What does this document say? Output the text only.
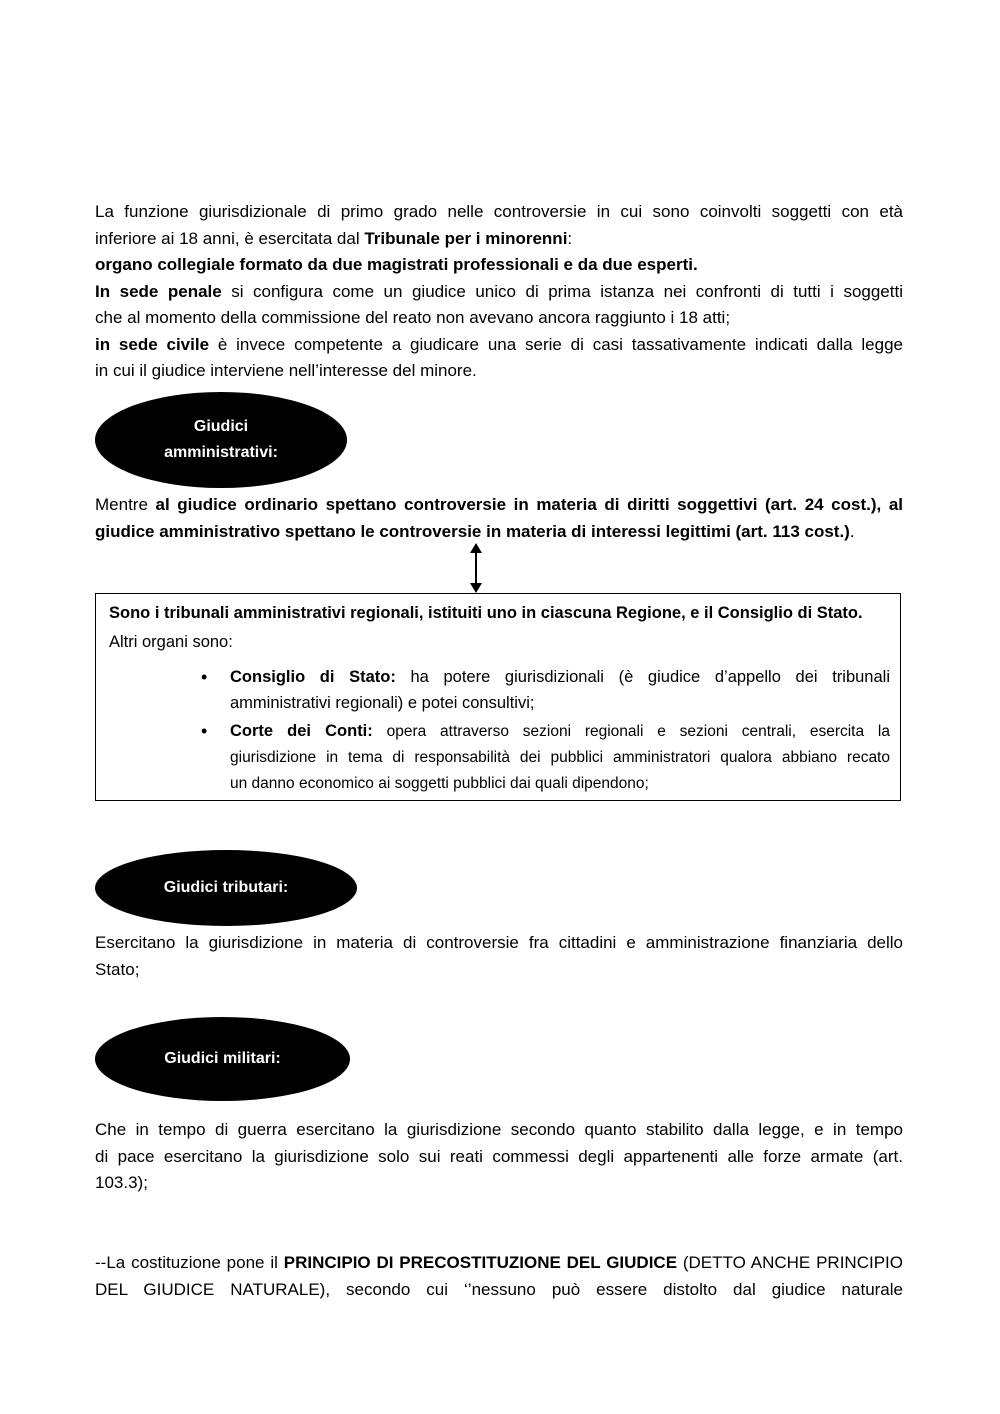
La funzione giurisdizionale di primo grado nelle controversie in cui sono coinvolti soggetti con età
inferiore ai 18 anni, è esercitata dal Tribunale per i minorenni:
organo collegiale formato da due magistrati professionali e da due esperti.
In sede penale si configura come un giudice unico di prima istanza nei confronti di tutti i soggetti
che al momento della commissione del reato non avevano ancora raggiunto i 18 atti;
in sede civile è invece competente a giudicare una serie di casi tassativamente indicati dalla legge
in cui il giudice interviene nell’interesse del minore.
Giudici
amministrativi:
Mentre al giudice ordinario spettano controversie in materia di diritti soggettivi (art. 24 cost.), al
giudice amministrativo spettano le controversie in materia di interessi legittimi (art. 113 cost.).
Sono i tribunali amministrativi regionali, istituiti uno in ciascuna Regione, e il Consiglio di Stato.
Altri organi sono:
• Consiglio di Stato: ha potere giurisdizionali (è giudice d’appello dei tribunali
amministrativi regionali) e potei consultivi;
• Corte dei Conti: opera attraverso sezioni regionali e sezioni centrali, esercita la
giurisdizione in tema di responsabilità dei pubblici amministratori qualora abbiano recato
un danno economico ai soggetti pubblici dai quali dipendono;
Giudici tributari:
Esercitano la giurisdizione in materia di controversie fra cittadini e amministrazione finanziaria dello
Stato;
Giudici militari:
Che in tempo di guerra esercitano la giurisdizione secondo quanto stabilito dalla legge, e in tempo
di pace esercitano la giurisdizione solo sui reati commessi degli appartenenti alle forze armate (art.
103.3);
--La costituzione pone il PRINCIPIO DI PRECOSTITUZIONE DEL GIUDICE (DETTO ANCHE PRINCIPIO
DEL GIUDICE NATURALE), secondo cui ‘’nessuno può essere distolto dal giudice naturale
